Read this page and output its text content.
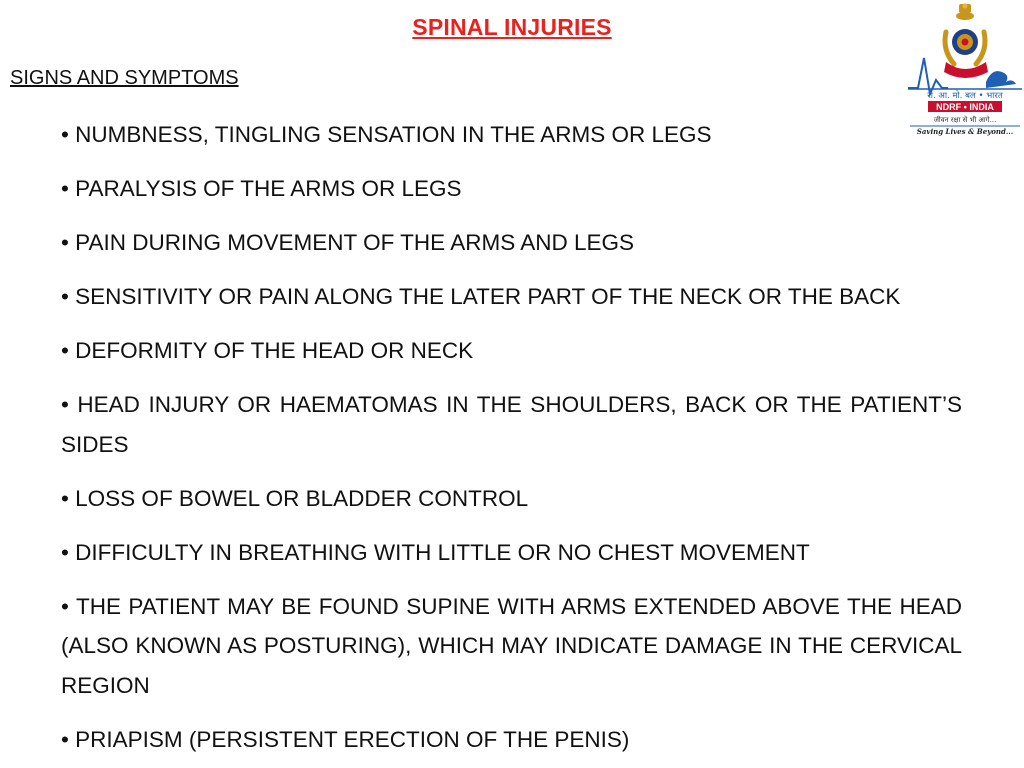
SPINAL INJURIES
SIGNS AND SYMPTOMS
रा. आ. मो. बल • भारत
NDRF • INDIA
जीवन रक्षा से भी आगे...
Saving Lives & Beyond...
• NUMBNESS, TINGLING SENSATION IN THE ARMS OR LEGS
• PARALYSIS OF THE ARMS OR LEGS
• PAIN DURING MOVEMENT OF THE ARMS AND LEGS
• SENSITIVITY OR PAIN ALONG THE LATER PART OF THE NECK OR THE BACK
• DEFORMITY OF THE HEAD OR NECK
• HEAD INJURY OR HAEMATOMAS IN THE SHOULDERS, BACK OR THE PATIENT’S SIDES
• LOSS OF BOWEL OR BLADDER CONTROL
• DIFFICULTY IN BREATHING WITH LITTLE OR NO CHEST MOVEMENT
• THE PATIENT MAY BE FOUND SUPINE WITH ARMS EXTENDED ABOVE THE HEAD (ALSO KNOWN AS POSTURING), WHICH MAY INDICATE DAMAGE IN THE CERVICAL REGION
• PRIAPISM (PERSISTENT ERECTION OF THE PENIS)
